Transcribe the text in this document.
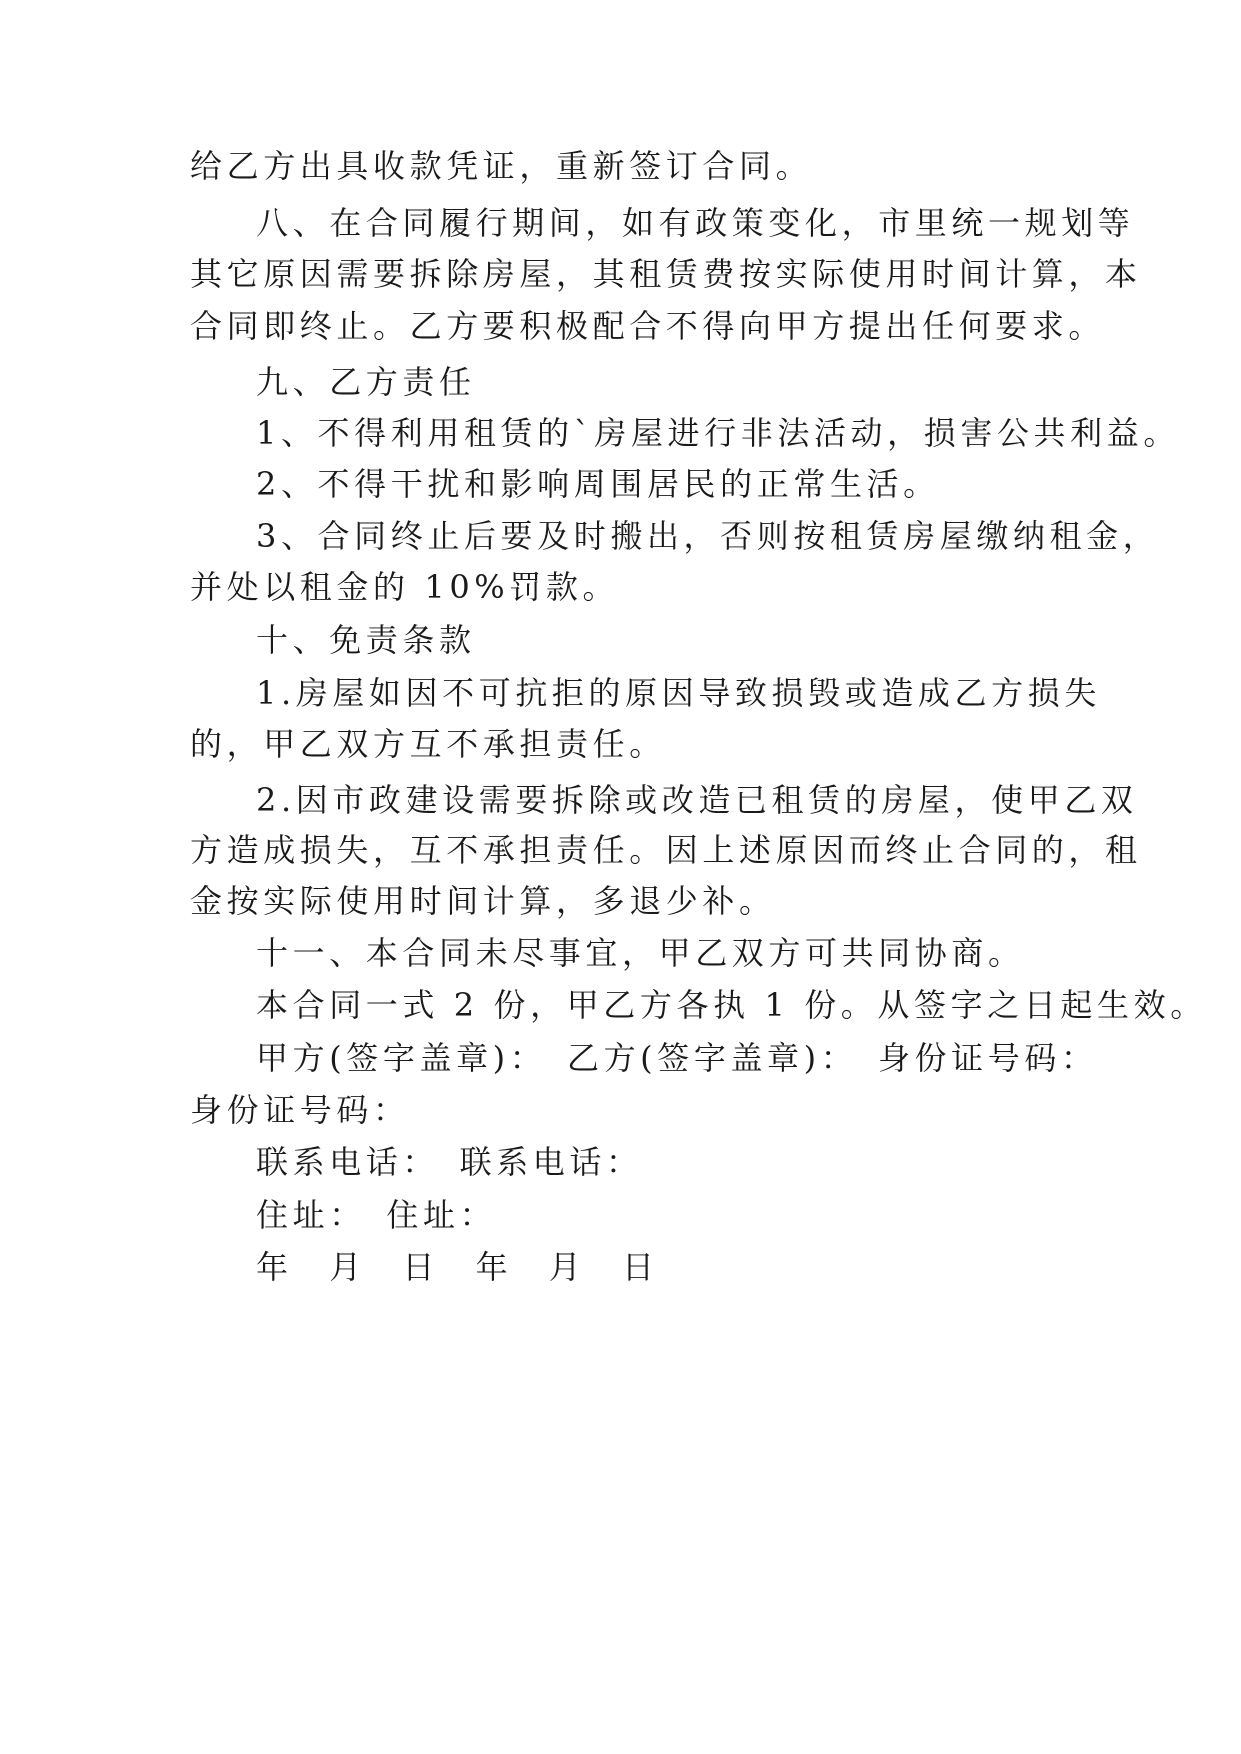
给乙方出具收款凭证，重新签订合同。
八、在合同履行期间，如有政策变化，市里统一规划等
其它原因需要拆除房屋，其租赁费按实际使用时间计算，本
合同即终止。乙方要积极配合不得向甲方提出任何要求。
九、乙方责任
1、不得利用租赁的`房屋进行非法活动，损害公共利益。
2、不得干扰和影响周围居民的正常生活。
3、合同终止后要及时搬出，否则按租赁房屋缴纳租金，
并处以租金的 10%罚款。
十、免责条款
1.房屋如因不可抗拒的原因导致损毁或造成乙方损失
的，甲乙双方互不承担责任。
2.因市政建设需要拆除或改造已租赁的房屋，使甲乙双
方造成损失，互不承担责任。因上述原因而终止合同的，租
金按实际使用时间计算，多退少补。
十一、本合同未尽事宜，甲乙双方可共同协商。
本合同一式 2 份，甲乙方各执 1 份。从签字之日起生效。
甲方(签字盖章)：　乙方(签字盖章)：　身份证号码：
身份证号码：
联系电话：　联系电话：
住址：　住址：
年　月　日　年　月　日
